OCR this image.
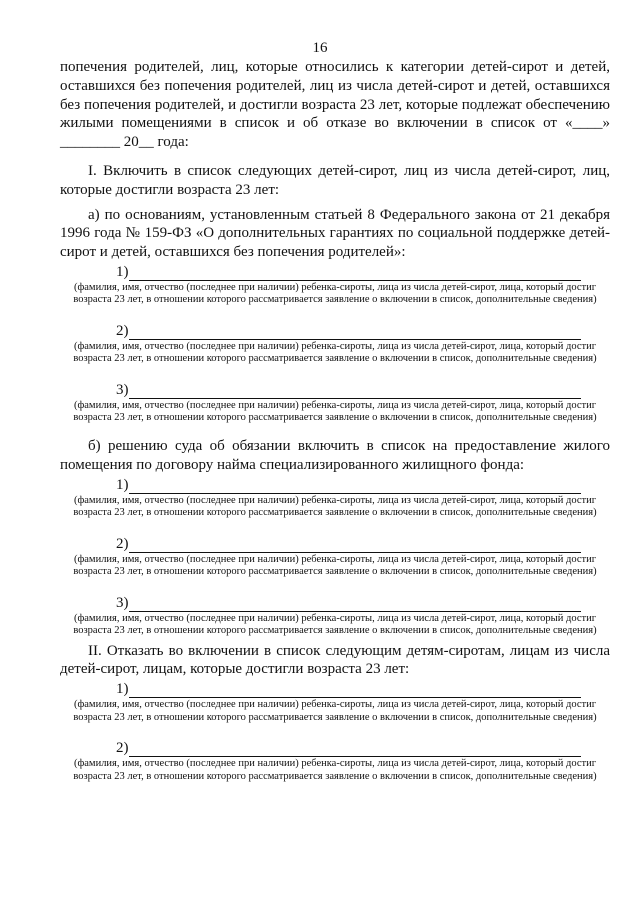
16

попечения родителей, лиц, которые относились к категории детей-сирот и детей, оставшихся без попечения родителей, лиц из числа детей-сирот и детей, оставшихся без попечения родителей, и достигли возраста 23 лет, которые подлежат обеспечению жилыми помещениями в список и об отказе во включении в список от «____» ________ 20__ года:

I. Включить в список следующих детей-сирот, лиц из числа детей-сирот, лиц, которые достигли возраста 23 лет:

а) по основаниям, установленным статьей 8 Федерального закона от 21 декабря 1996 года № 159-ФЗ «О дополнительных гарантиях по социальной поддержке детей-сирот и детей, оставшихся без попечения родителей»:

1)
(фамилия, имя, отчество (последнее при наличии) ребенка-сироты, лица из числа детей-сирот, лица, который достиг возраста 23 лет, в отношении которого рассматривается заявление о включении в список, дополнительные сведения)
2)
(фамилия, имя, отчество (последнее при наличии) ребенка-сироты, лица из числа детей-сирот, лица, который достиг возраста 23 лет, в отношении которого рассматривается заявление о включении в список, дополнительные сведения)
3)
(фамилия, имя, отчество (последнее при наличии) ребенка-сироты, лица из числа детей-сирот, лица, который достиг возраста 23 лет, в отношении которого рассматривается заявление о включении в список, дополнительные сведения)

б) решению суда об обязании включить в список на предоставление жилого помещения по договору найма специализированного жилищного фонда:

1)
(фамилия, имя, отчество (последнее при наличии) ребенка-сироты, лица из числа детей-сирот, лица, который достиг возраста 23 лет, в отношении которого рассматривается заявление о включении в список, дополнительные сведения)
2)
(фамилия, имя, отчество (последнее при наличии) ребенка-сироты, лица из числа детей-сирот, лица, который достиг возраста 23 лет, в отношении которого рассматривается заявление о включении в список, дополнительные сведения)
3)
(фамилия, имя, отчество (последнее при наличии) ребенка-сироты, лица из числа детей-сирот, лица, который достиг возраста 23 лет, в отношении которого рассматривается заявление о включении в список, дополнительные сведения)

II. Отказать во включении в список следующим детям-сиротам, лицам из числа детей-сирот, лицам, которые достигли возраста 23 лет:

1)
(фамилия, имя, отчество (последнее при наличии) ребенка-сироты, лица из числа детей-сирот, лица, который достиг возраста 23 лет, в отношении которого рассматривается заявление о включении в список, дополнительные сведения)
2)
(фамилия, имя, отчество (последнее при наличии) ребенка-сироты, лица из числа детей-сирот, лица, который достиг возраста 23 лет, в отношении которого рассматривается заявление о включении в список, дополнительные сведения)
